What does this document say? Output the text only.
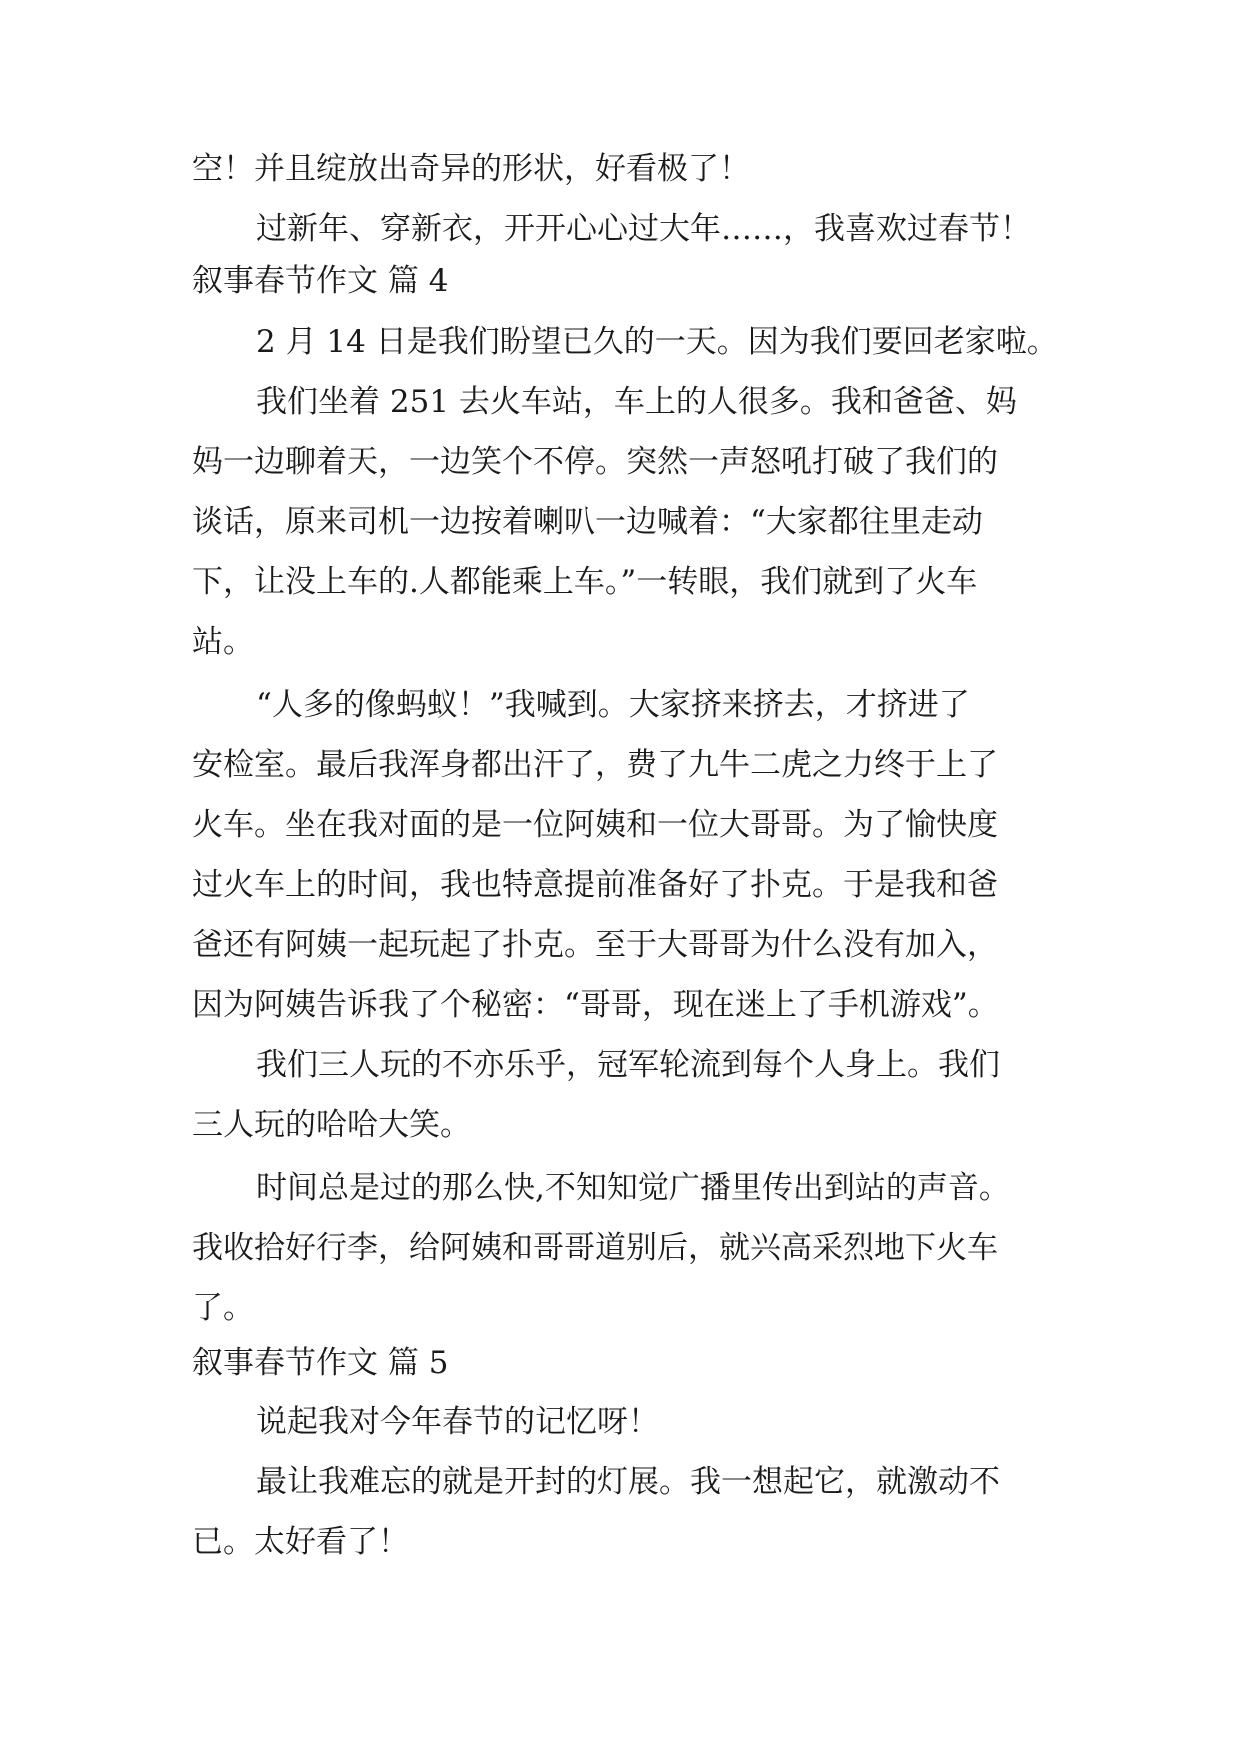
空！并且绽放出奇异的形状，好看极了！
过新年、穿新衣，开开心心过大年……，我喜欢过春节！
叙事春节作文 篇 4
2 月 14 日是我们盼望已久的一天。因为我们要回老家啦。
我们坐着 251 去火车站，车上的人很多。我和爸爸、妈
妈一边聊着天，一边笑个不停。突然一声怒吼打破了我们的
谈话，原来司机一边按着喇叭一边喊着：“大家都往里走动
下，让没上车的.人都能乘上车。”一转眼，我们就到了火车
站。
“人多的像蚂蚁！”我喊到。大家挤来挤去，才挤进了
安检室。最后我浑身都出汗了，费了九牛二虎之力终于上了
火车。坐在我对面的是一位阿姨和一位大哥哥。为了愉快度
过火车上的时间，我也特意提前准备好了扑克。于是我和爸
爸还有阿姨一起玩起了扑克。至于大哥哥为什么没有加入，
因为阿姨告诉我了个秘密：“哥哥，现在迷上了手机游戏”。
我们三人玩的不亦乐乎，冠军轮流到每个人身上。我们
三人玩的哈哈大笑。
时间总是过的那么快,不知知觉广播里传出到站的声音。
我收拾好行李，给阿姨和哥哥道别后，就兴高采烈地下火车
了。
叙事春节作文 篇 5
说起我对今年春节的记忆呀！
最让我难忘的就是开封的灯展。我一想起它，就激动不
已。太好看了！
